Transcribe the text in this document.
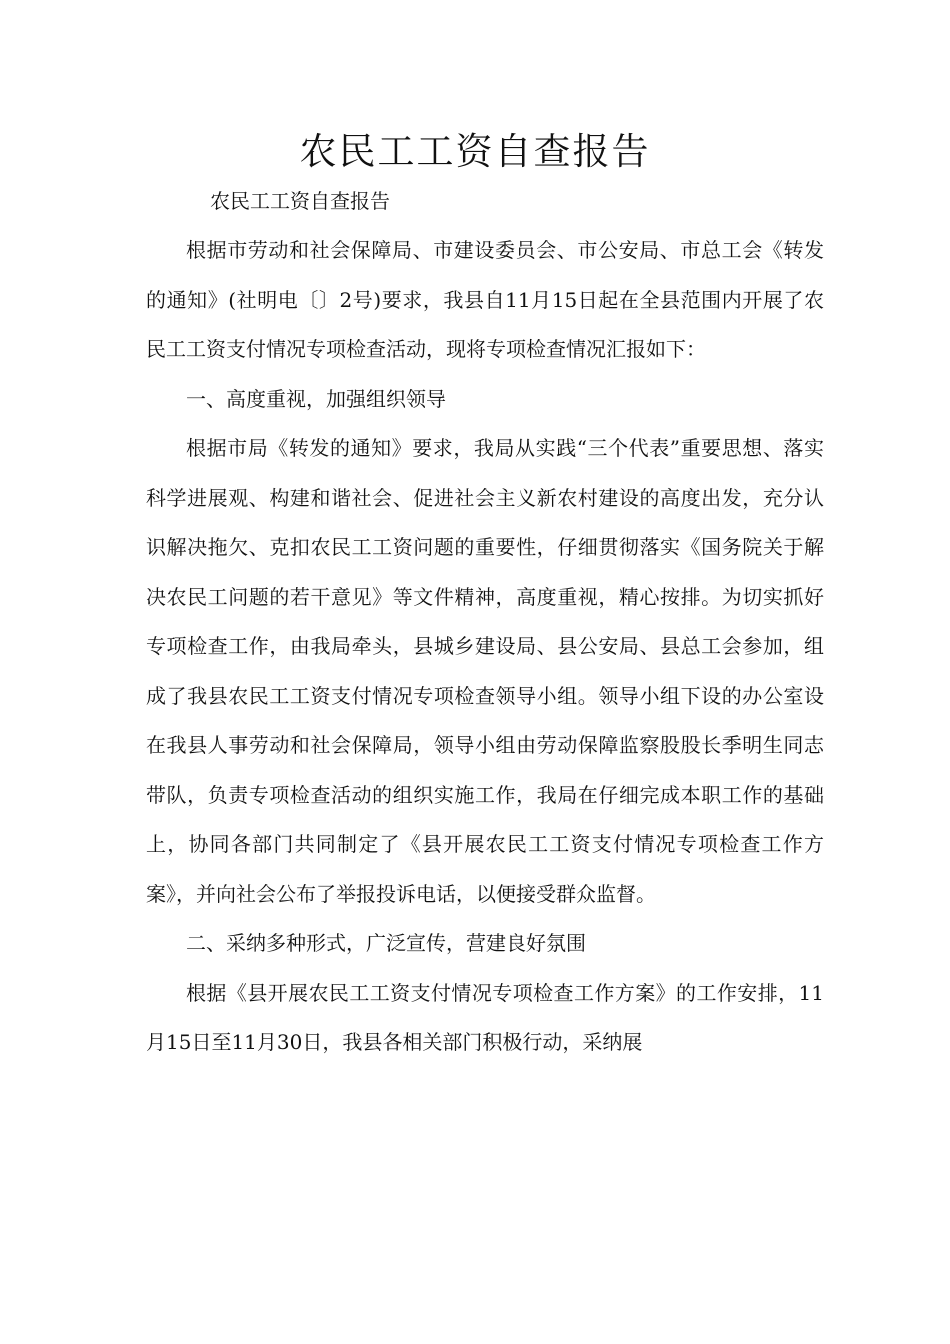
农民工工资自查报告

农民工工资自查报告

根据市劳动和社会保障局、市建设委员会、市公安局、市总工会《转发的通知》(社明电〔〕2号)要求，我县自11月15日起在全县范围内开展了农民工工资支付情况专项检查活动，现将专项检查情况汇报如下：

一、高度重视，加强组织领导

根据市局《转发的通知》要求，我局从实践“三个代表”重要思想、落实科学进展观、构建和谐社会、促进社会主义新农村建设的高度出发，充分认识解决拖欠、克扣农民工工资问题的重要性，仔细贯彻落实《国务院关于解决农民工问题的若干意见》等文件精神，高度重视，精心按排。为切实抓好专项检查工作，由我局牵头，县城乡建设局、县公安局、县总工会参加，组成了我县农民工工资支付情况专项检查领导小组。领导小组下设的办公室设在我县人事劳动和社会保障局，领导小组由劳动保障监察股股长季明生同志带队，负责专项检查活动的组织实施工作，我局在仔细完成本职工作的基础上，协同各部门共同制定了《县开展农民工工资支付情况专项检查工作方案》，并向社会公布了举报投诉电话，以便接受群众监督。

二、采纳多种形式，广泛宣传，营建良好氛围

根据《县开展农民工工资支付情况专项检查工作方案》的工作安排，11月15日至11月30日，我县各相关部门积极行动，采纳展
